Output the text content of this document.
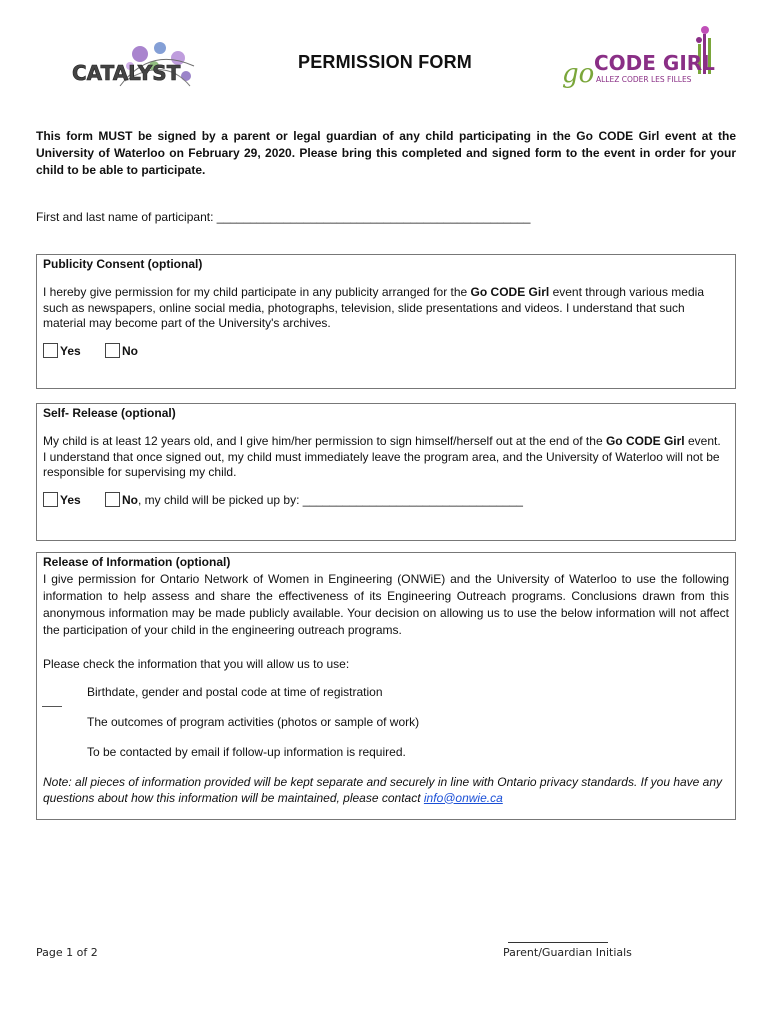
CATALYST	PERMISSION FORM	go CODE GIRL
ALLEZ CODER LES FILLES
This form MUST be signed by a parent or legal guardian of any child participating in the Go CODE Girl event at the University of Waterloo on February 29, 2020. Please bring this completed and signed form to the event in order for your child to be able to participate.
First and last name of participant: _______________________________________________
Publicity Consent (optional)
I hereby give permission for my child participate in any publicity arranged for the Go CODE Girl event through various media such as newspapers, online social media, photographs, television, slide presentations and videos. I understand that such material may become part of the University's archives.
Yes	No
Self- Release (optional)
My child is at least 12 years old, and I give him/her permission to sign himself/herself out at the end of the Go CODE Girl event. I understand that once signed out, my child must immediately leave the program area, and the University of Waterloo will not be responsible for supervising my child.
Yes	No , my child will be picked up by: _________________________________
Release of Information (optional)
I give permission for Ontario Network of Women in Engineering (ONWiE) and the University of Waterloo to use the following information to help assess and share the effectiveness of its Engineering Outreach programs. Conclusions drawn from this anonymous information may be made publicly available. Your decision on allowing us to use the below information will not affect the participation of your child in the engineering outreach programs.
Please check the information that you will allow us to use:
Birthdate, gender and postal code at time of registration
The outcomes of program activities (photos or sample of work)
To be contacted by email if follow-up information is required.
Note: all pieces of information provided will be kept separate and securely in line with Ontario privacy standards. If you have any questions about how this information will be maintained, please contact info@onwie.ca
Page 1 of 2	Parent/Guardian Initials
